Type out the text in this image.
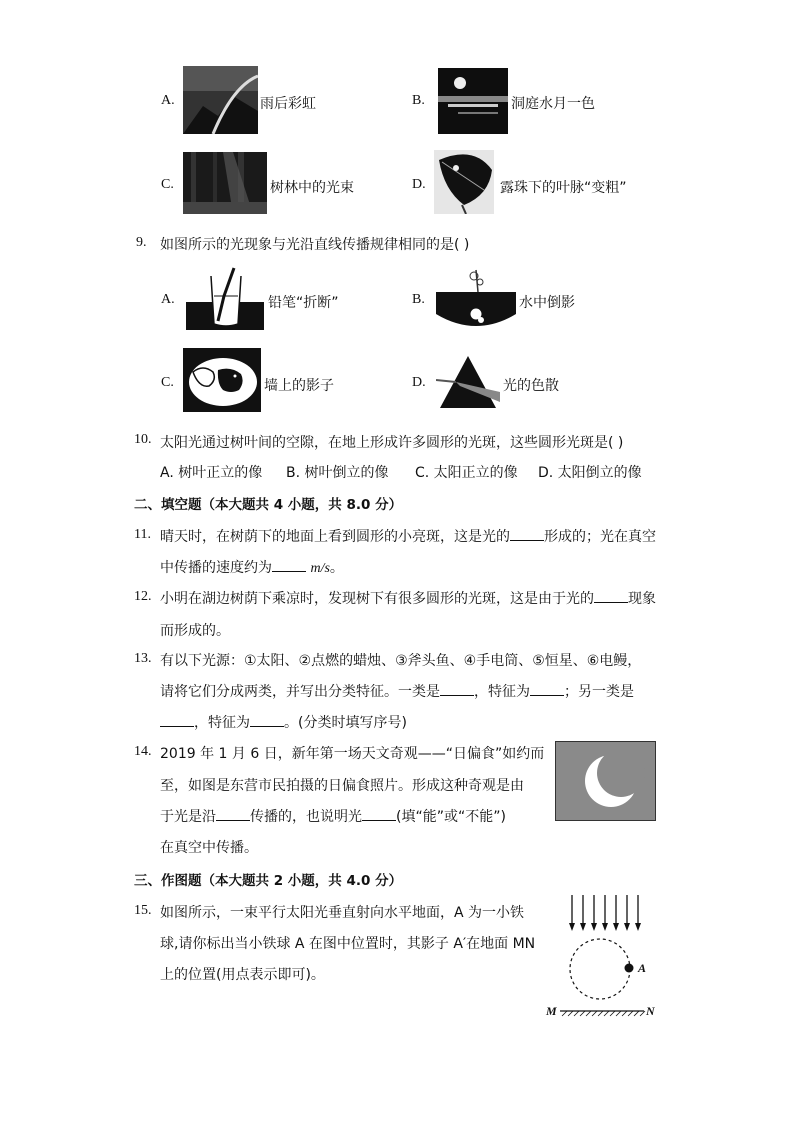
A.	雨后彩虹	B.	洞庭水月一色
C.	树林中的光束	D.	露珠下的叶脉“变粗”
9. 如图所示的光现象与光沿直线传播规律相同的是( )
A.	铅笔“折断”	B.	水中倒影
C.	墙上的影子	D.	光的色散
10. 太阳光通过树叶间的空隙，在地上形成许多圆形的光斑，这些圆形光斑是( )
A. 树叶正立的像 B. 树叶倒立的像 C. 太阳正立的像 D. 太阳倒立的像
二、填空题（本大题共 4 小题，共 8.0 分）
11. 晴天时，在树荫下的地面上看到圆形的小亮斑，这是光的 形成的；光在真空
中传播的速度约为	m/s。
12. 小明在湖边树荫下乘凉时，发现树下有很多圆形的光斑，这是由于光的 现象
而形成的。
13. 有以下光源：①太阳、②点燃的蜡烛、③斧头鱼、④手电筒、⑤恒星、⑥电鳗，
请将它们分成两类，并写出分类特征。一类是 ，特征为 ；另一类是
，特征为 。(分类时填写序号)
14. 2019 年 1 月 6 日，新年第一场天文奇观——“日偏食”如约而
至，如图是东营市民拍摄的日偏食照片。形成这种奇观是由
于光是沿 传播的，也说明光 (填“能”或“不能”)
在真空中传播。
三、作图题（本大题共 2 小题，共 4.0 分）
15. 如图所示，一束平行太阳光垂直射向水平地面，A 为一小铁
球,请你标出当小铁球 A 在图中位置时，其影子 A′在地面 MN
上的位置(用点表示即可)。	A
M	N
